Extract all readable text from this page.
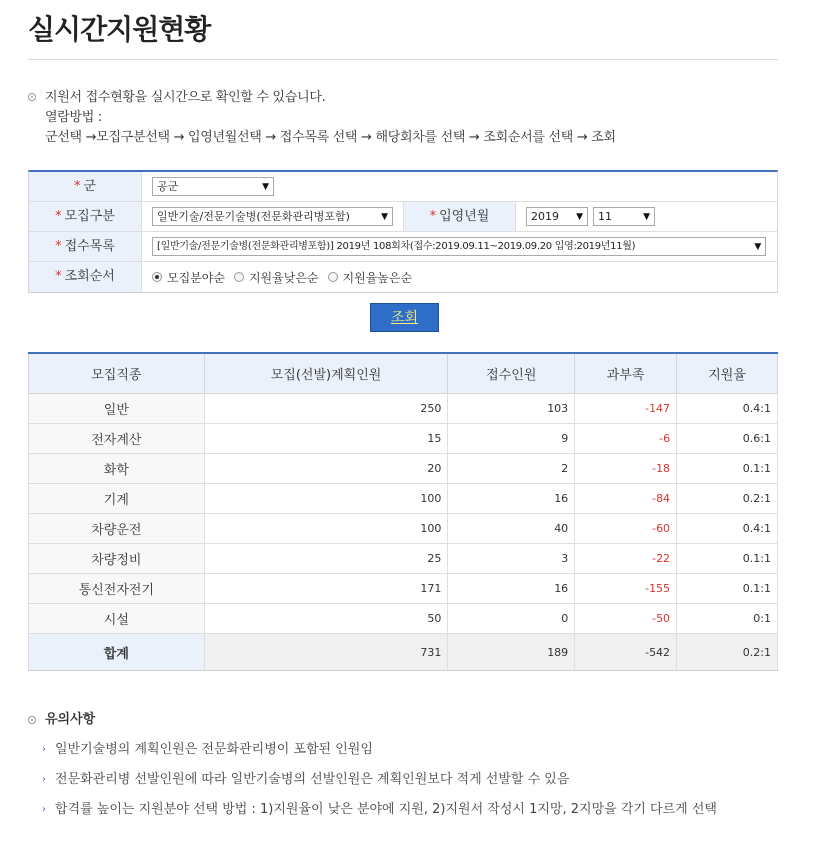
실시간지원현황
지원서 접수현황을 실시간으로 확인할 수 있습니다.
열람방법 :
군선택 →모집구분선택 → 입영년월선택 → 접수목록 선택 → 해당회차를 선택 → 조회순서를 선택 → 조회
* 군	공군	▼
* 모집구분	일반기술/전문기술병(전문화관리병포함)	▼	* 입영년월	2019 ▼	11	▼
* 접수목록	[일반기술/전문기술병(전문화관리병포함)] 2019년 108회차(접수:2019.09.11~2019.09.20 입영:2019년11월)	▼
* 조회순서	모집분야순 지원율낮은순 지원율높은순
조회
모집직종	모집(선발)계획인원	접수인원	과부족	지원율
일반	250	103	-147	0.4:1
전자계산	15	9	-6	0.6:1
화학	20	2	-18	0.1:1
기계	100	16	-84	0.2:1
차량운전	100	40	-60	0.4:1
차량정비	25	3	-22	0.1:1
통신전자전기	171	16	-155	0.1:1
시설	50	0	-50	0:1
합계	731	189	-542	0.2:1
유의사항
› 일반기술병의 계획인원은 전문화관리병이 포함된 인원임
› 전문화관리병 선발인원에 따라 일반기술병의 선발인원은 계획인원보다 적게 선발할 수 있음
› 합격률 높이는 지원분야 선택 방법 : 1)지원율이 낮은 분야에 지원, 2)지원서 작성시 1지망, 2지망을 각기 다르게 선택
